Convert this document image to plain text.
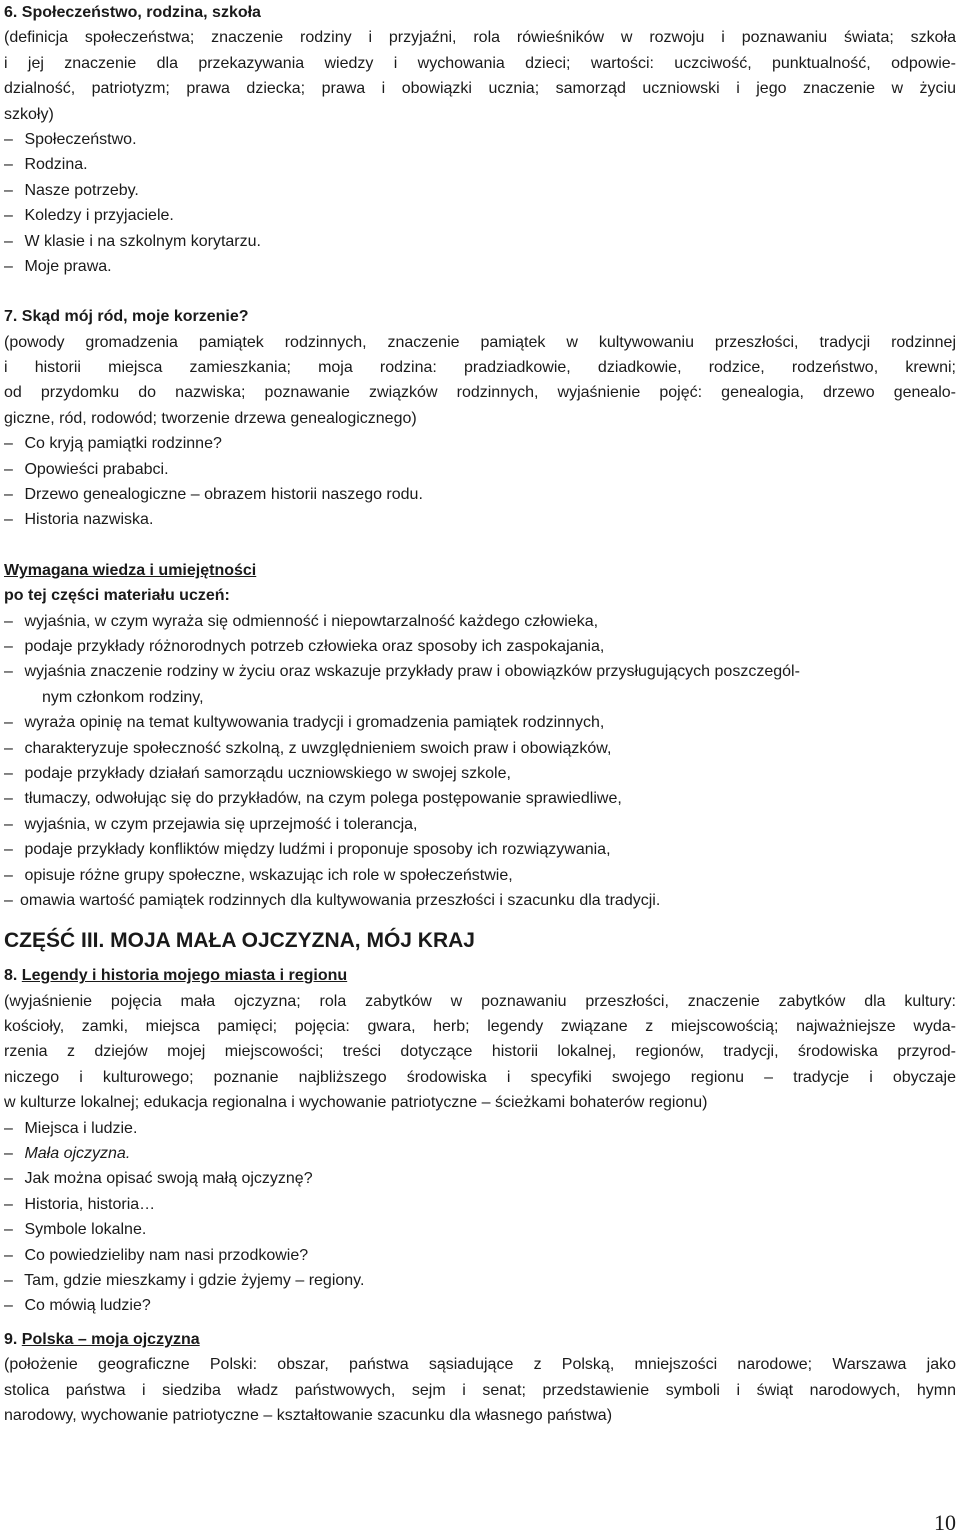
6. Społeczeństwo, rodzina, szkoła
(definicja społeczeństwa; znaczenie rodziny i przyjaźni, rola rówieśników w rozwoju i poznawaniu świata; szkoła
i jej znaczenie dla przekazywania wiedzy i wychowania dzieci; wartości: uczciwość, punktualność, odpowie-
dzialność, patriotyzm; prawa dziecka; prawa i obowiązki ucznia; samorząd uczniowski i jego znaczenie w życiu
szkoły)
– Społeczeństwo.
– Rodzina.
– Nasze potrzeby.
– Koledzy i przyjaciele.
– W klasie i na szkolnym korytarzu.
– Moje prawa.
7. Skąd mój ród, moje korzenie?
(powody gromadzenia pamiątek rodzinnych, znaczenie pamiątek w kultywowaniu przeszłości, tradycji rodzinnej
i historii miejsca zamieszkania; moja rodzina: pradziadkowie, dziadkowie, rodzice, rodzeństwo, krewni;
od przydomku do nazwiska; poznawanie związków rodzinnych, wyjaśnienie pojęć: genealogia, drzewo genealo-
giczne, ród, rodowód; tworzenie drzewa genealogicznego)
– Co kryją pamiątki rodzinne?
– Opowieści prababci.
– Drzewo genealogiczne – obrazem historii naszego rodu.
– Historia nazwiska.
Wymagana wiedza i umiejętności
po tej części materiału uczeń:
– wyjaśnia, w czym wyraża się odmienność i niepowtarzalność każdego człowieka,
– podaje przykłady różnorodnych potrzeb człowieka oraz sposoby ich zaspokajania,
– wyjaśnia znaczenie rodziny w życiu oraz wskazuje przykłady praw i obowiązków przysługujących poszczegól-
nym członkom rodziny,
– wyraża opinię na temat kultywowania tradycji i gromadzenia pamiątek rodzinnych,
– charakteryzuje społeczność szkolną, z uwzględnieniem swoich praw i obowiązków,
– podaje przykłady działań samorządu uczniowskiego w swojej szkole,
– tłumaczy, odwołując się do przykładów, na czym polega postępowanie sprawiedliwe,
– wyjaśnia, w czym przejawia się uprzejmość i tolerancja,
– podaje przykłady konfliktów między ludźmi i proponuje sposoby ich rozwiązywania,
– opisuje różne grupy społeczne, wskazując ich role w społeczeństwie,
–omawia wartość pamiątek rodzinnych dla kultywowania przeszłości i szacunku dla tradycji.
CZĘŚĆ III. MOJA MAŁA OJCZYZNA, MÓJ KRAJ
8. Legendy i historia mojego miasta i regionu
(wyjaśnienie pojęcia mała ojczyzna; rola zabytków w poznawaniu przeszłości, znaczenie zabytków dla kultury:
kościoły, zamki, miejsca pamięci; pojęcia: gwara, herb; legendy związane z miejscowością; najważniejsze wyda-
rzenia z dziejów mojej miejscowości; treści dotyczące historii lokalnej, regionów, tradycji, środowiska przyrod-
niczego i kulturowego; poznanie najbliższego środowiska i specyfiki swojego regionu – tradycje i obyczaje
w kulturze lokalnej; edukacja regionalna i wychowanie patriotyczne – ścieżkami bohaterów regionu)
– Miejsca i ludzie.
– Mała ojczyzna.
– Jak można opisać swoją małą ojczyznę?
– Historia, historia…
– Symbole lokalne.
– Co powiedzieliby nam nasi przodkowie?
– Tam, gdzie mieszkamy i gdzie żyjemy – regiony.
– Co mówią ludzie?
9. Polska – moja ojczyzna
(położenie geograficzne Polski: obszar, państwa sąsiadujące z Polską, mniejszości narodowe; Warszawa jako
stolica państwa i siedziba władz państwowych, sejm i senat; przedstawienie symboli i świąt narodowych, hymn
narodowy, wychowanie patriotyczne – kształtowanie szacunku dla własnego państwa)
10
